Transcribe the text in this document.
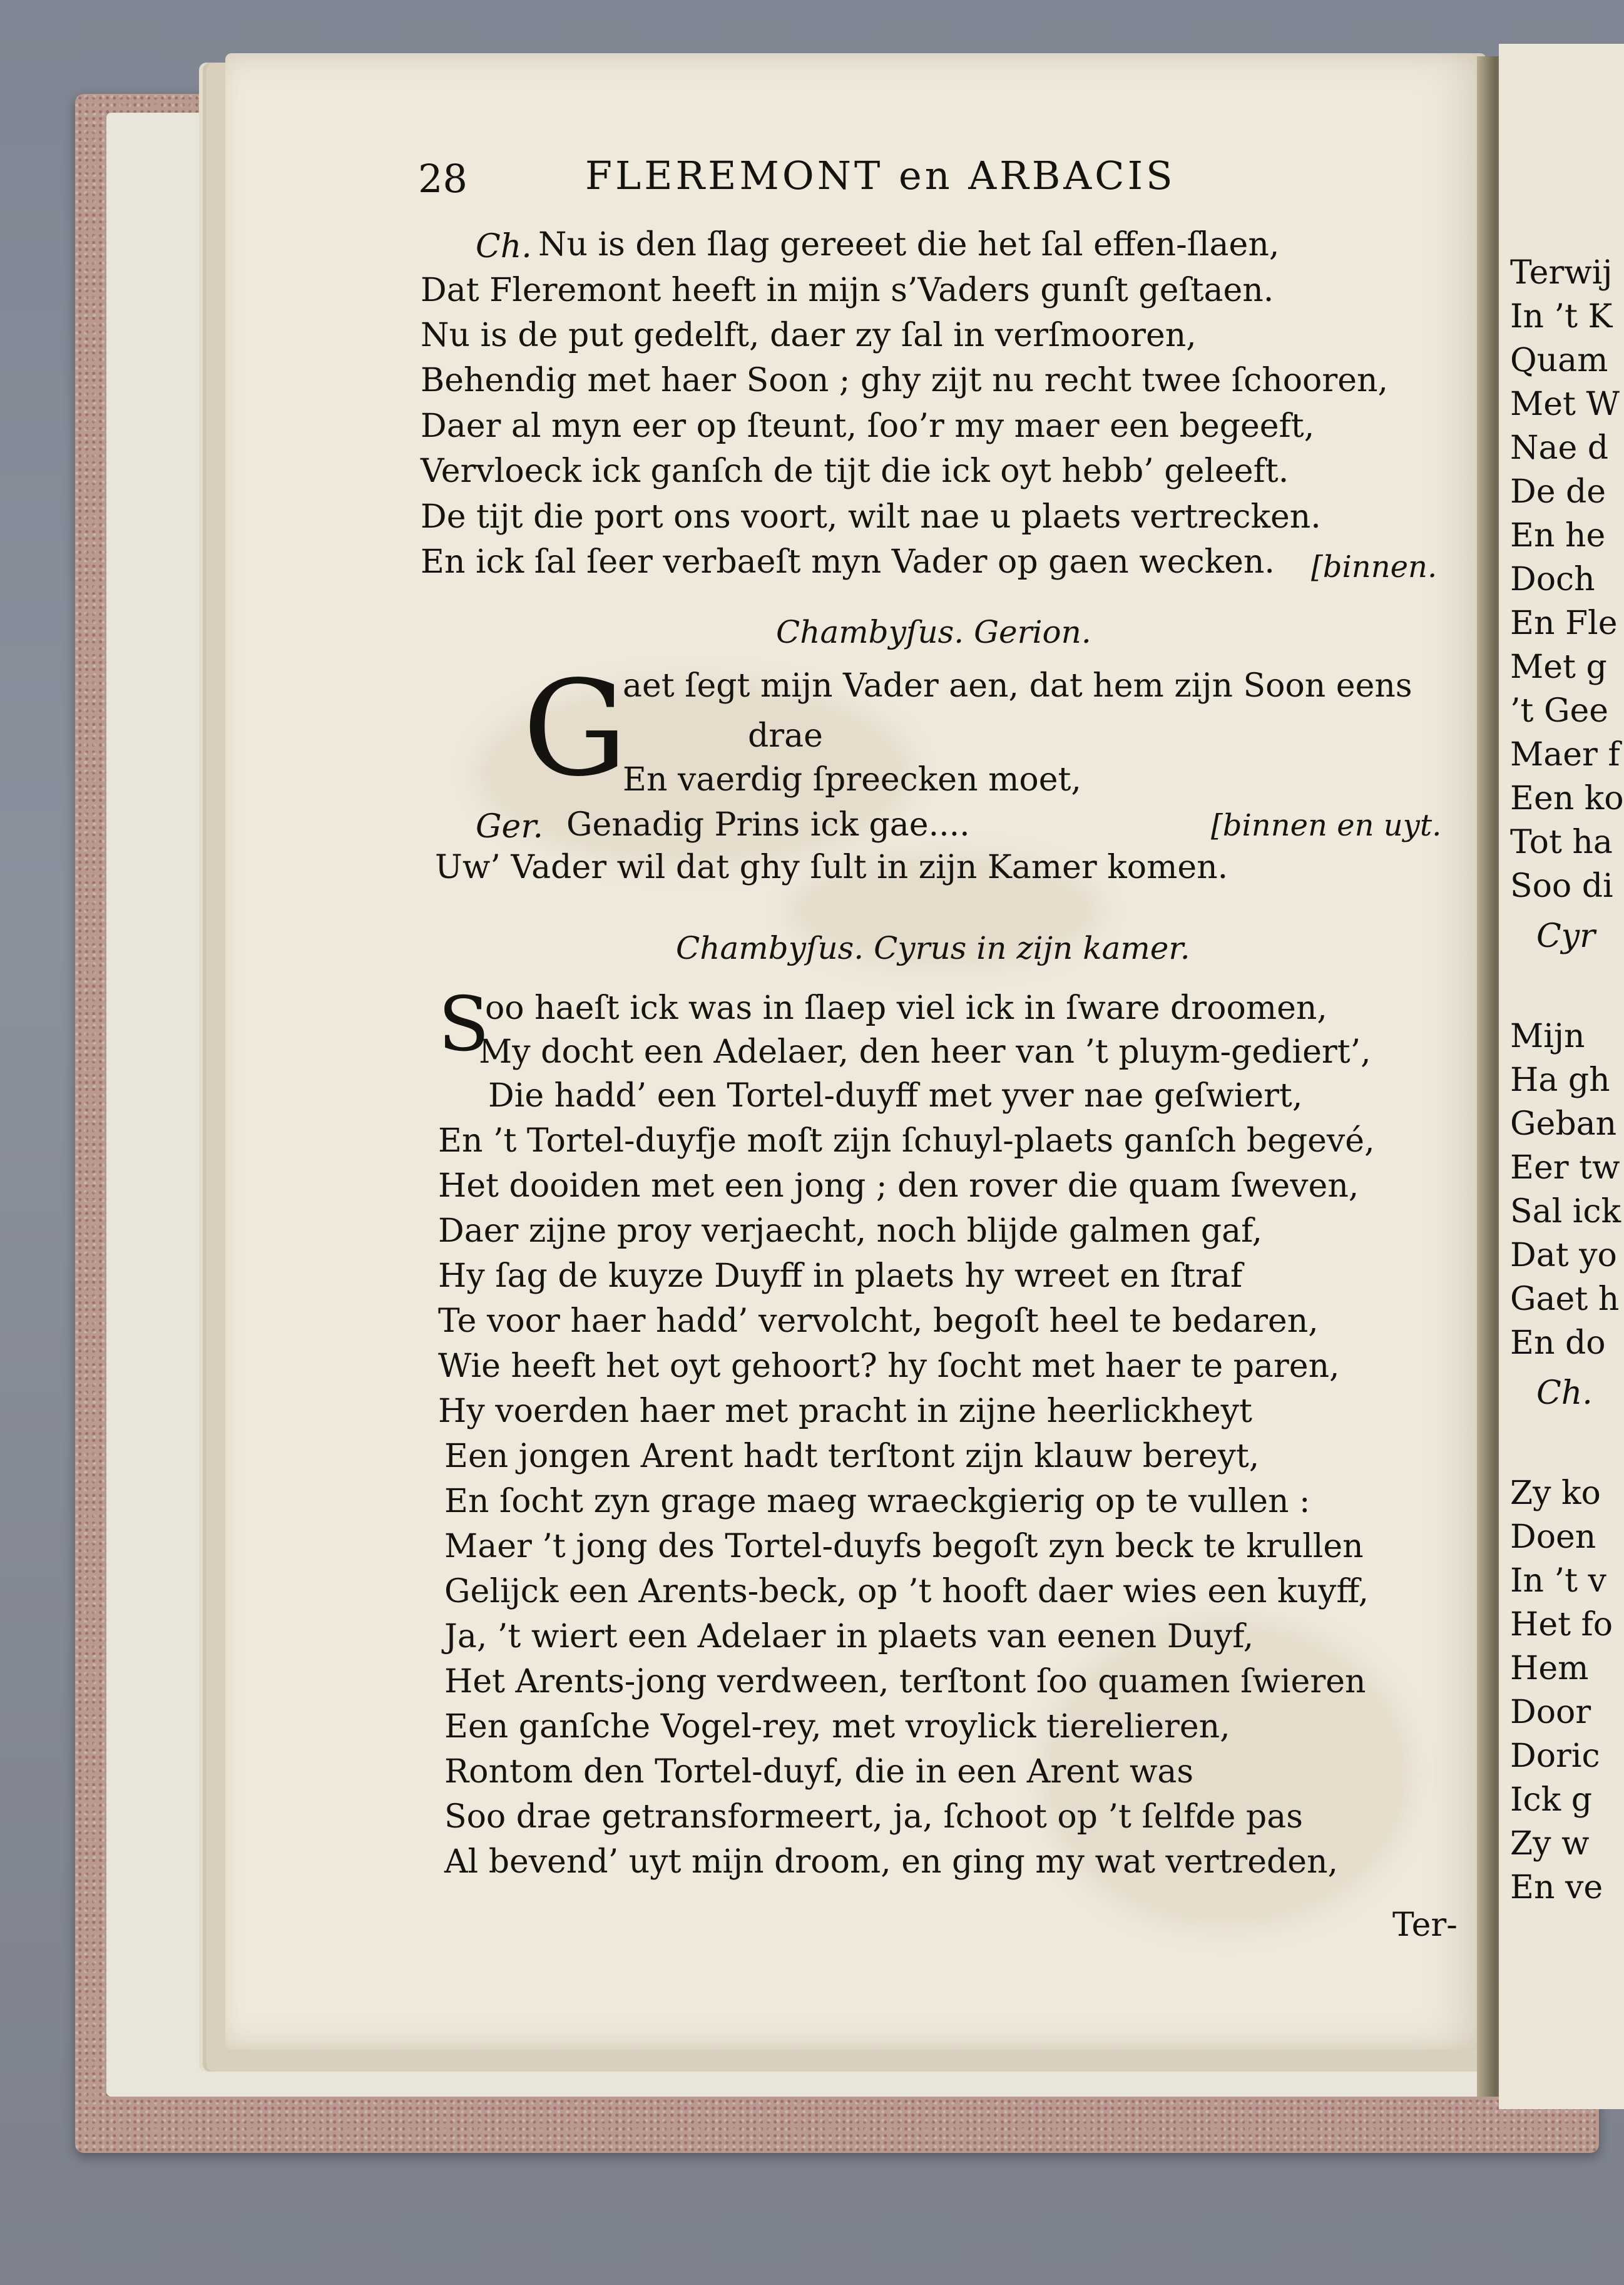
28	FLEREMONT en ARBACIS
Ch. Nu is den ſlag gereeet die het ſal effen-ſlaen,
Dat Fleremont heeft in mijn s’Vaders gunſt geſtaen.
Nu is de put gedelft, daer zy ſal in verſmooren,
Behendig met haer Soon ; ghy zijt nu recht twee ſchooren,
Daer al myn eer op ſteunt, ſoo’r my maer een begeeft,
Vervloeck ick ganſch de tijt die ick oyt hebb’ geleeft.
De tijt die port ons voort, wilt nae u plaets vertrecken.
En ick ſal ſeer verbaeſt myn Vader op gaen wecken. [binnen.
Chambyſus. Gerion.
G
aet ſegt mijn Vader aen, dat hem zijn Soon eens
drae
En vaerdig ſpreecken moet,
Ger. Genadig Prins ick gae....	[binnen en uyt.
Uw’ Vader wil dat ghy ſult in zijn Kamer komen.

Chambyſus. Cyrus in zijn kamer.
S
oo haeſt ick was in ſlaep viel ick in ſware droomen,
My docht een Adelaer, den heer van ’t pluym-gediert’,
Die hadd’ een Tortel-duyff met yver nae geſwiert,
En ’t Tortel-duyfje moſt zijn ſchuyl-plaets ganſch begevé,
Het dooiden met een jong ; den rover die quam ſweven,
Daer zijne proy verjaecht, noch blijde galmen gaf,
Hy ſag de kuyze Duyff in plaets hy wreet en ſtraf
Te voor haer hadd’ vervolcht, begoſt heel te bedaren,
Wie heeft het oyt gehoort? hy ſocht met haer te paren,
Hy voerden haer met pracht in zijne heerlickheyt
Een jongen Arent hadt terſtont zijn klauw bereyt,
En ſocht zyn grage maeg wraeckgierig op te vullen :
Maer ’t jong des Tortel-duyfs begoſt zyn beck te krullen
Gelijck een Arents-beck, op ’t hooft daer wies een kuyff,
Ja, ’t wiert een Adelaer in plaets van eenen Duyf,
Het Arents-jong verdween, terſtont ſoo quamen ſwieren
Een ganſche Vogel-rey, met vroylick tierelieren,
Rontom den Tortel-duyf, die in een Arent was
Soo drae getransformeert, ja, ſchoot op ’t ſelfde pas
Al bevend’ uyt mijn droom, en ging my wat vertreden,
Ter-
Terwij
In ’t K
Quam
Met W
Nae d
De de
En he
Doch
En Fle
Met g
’t Gee
Maer f
Een ko
Tot ha
Soo di
Cyr
Mijn
Ha gh
Geban
Eer tw
Sal ick
Dat yo
Gaet h
En do
Ch.
Zy ko
Doen
In ’t v
Het fo
Hem
Door
Doric
Ick g
Zy w
En ve
